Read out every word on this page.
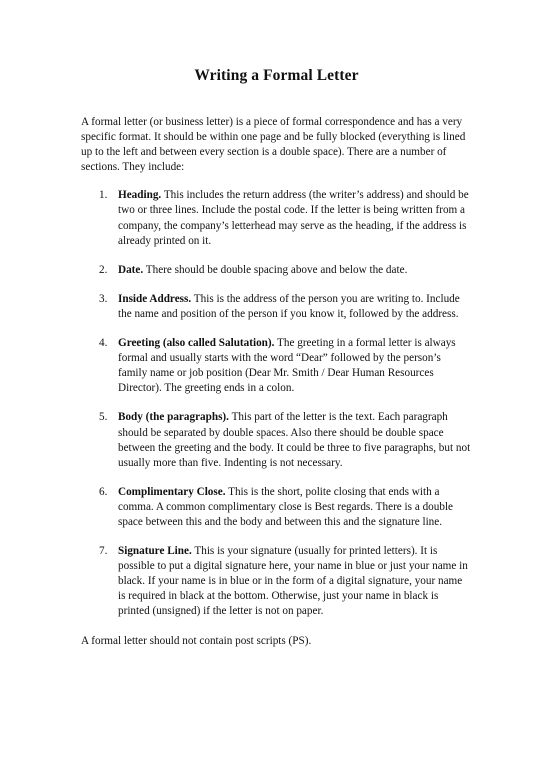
Writing a Formal Letter

A formal letter (or business letter) is a piece of formal correspondence and has a very specific format. It should be within one page and be fully blocked (everything is lined up to the left and between every section is a double space). There are a number of sections. They include:

1. Heading. This includes the return address (the writer’s address) and should be two or three lines. Include the postal code. If the letter is being written from a company, the company’s letterhead may serve as the heading, if the address is already printed on it.
2. Date. There should be double spacing above and below the date.
3. Inside Address. This is the address of the person you are writing to. Include the name and position of the person if you know it, followed by the address.
4. Greeting (also called Salutation). The greeting in a formal letter is always formal and usually starts with the word “Dear” followed by the person’s family name or job position (Dear Mr. Smith / Dear Human Resources Director). The greeting ends in a colon.
5. Body (the paragraphs). This part of the letter is the text. Each paragraph should be separated by double spaces. Also there should be double space between the greeting and the body. It could be three to five paragraphs, but not usually more than five. Indenting is not necessary.
6. Complimentary Close. This is the short, polite closing that ends with a comma. A common complimentary close is Best regards. There is a double space between this and the body and between this and the signature line.
7. Signature Line. This is your signature (usually for printed letters). It is possible to put a digital signature here, your name in blue or just your name in black. If your name is in blue or in the form of a digital signature, your name is required in black at the bottom. Otherwise, just your name in black is printed (unsigned) if the letter is not on paper.

A formal letter should not contain post scripts (PS).
